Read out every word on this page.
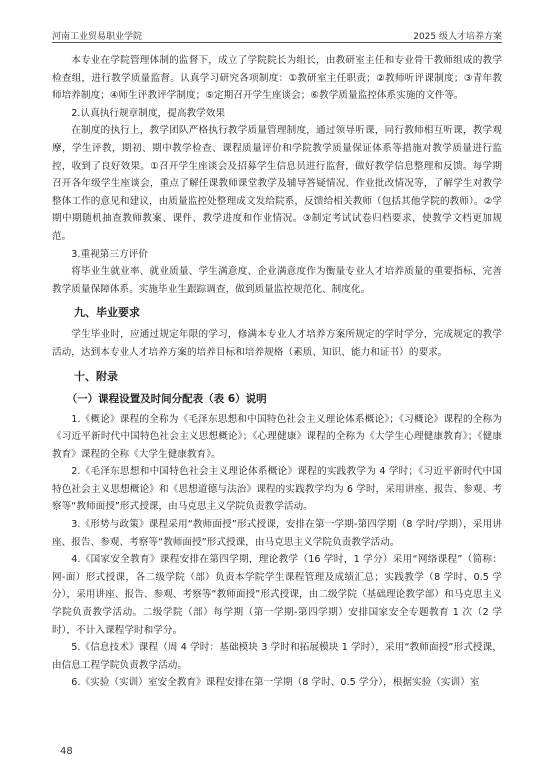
河南工业贸易职业学院	2025 级人才培养方案

本专业在学院管理体制的监督下，成立了学院院长为组长，由教研室主任和专业骨干教师组成的教学检查组，进行教学质量监督。认真学习研究各项制度：①教研室主任职责；②教师听评课制度；③青年教师培养制度；④师生评教评学制度；⑤定期召开学生座谈会；⑥教学质量监控体系实施的文件等。

2.认真执行规章制度，提高教学效果

在制度的执行上，教学团队严格执行教学质量管理制度，通过领导听课，同行教师相互听课，教学观摩，学生评教，期初、期中教学检查、课程质量评价和学院教学质量保证体系等措施对教学质量进行监控，收到了良好效果。①召开学生座谈会及招募学生信息员进行监督，做好教学信息整理和反馈。每学期召开各年级学生座谈会，重点了解任课教师课堂教学及辅导答疑情况、作业批改情况等，了解学生对教学整体工作的意见和建议，由质量监控处整理成文发给院系，反馈给相关教师（包括其他学院的教师）。②学期中期随机抽查教师教案、课件、教学进度和作业情况。③制定考试试卷归档要求，使教学文档更加规范。

3.重视第三方评价

将毕业生就业率、就业质量、学生满意度、企业满意度作为衡量专业人才培养质量的重要指标，完善教学质量保障体系。实施毕业生跟踪调查，做到质量监控规范化、制度化。

九、毕业要求

学生毕业时，应通过规定年限的学习，修满本专业人才培养方案所规定的学时学分，完成规定的教学活动，达到本专业人才培养方案的培养目标和培养规格（素质、知识、能力和证书）的要求。

十、附录
（一）课程设置及时间分配表（表 6）说明

1.《概论》课程的全称为《毛泽东思想和中国特色社会主义理论体系概论》；《习概论》课程的全称为《习近平新时代中国特色社会主义思想概论》；《心理健康》课程的全称为《大学生心理健康教育》；《健康教育》课程的全称《大学生健康教育》。

2.《毛泽东思想和中国特色社会主义理论体系概论》课程的实践教学为 4 学时；《习近平新时代中国特色社会主义思想概论》和《思想道德与法治》课程的实践教学均为 6 学时，采用讲座、报告、参观、考察等“教师面授”形式授课，由马克思主义学院负责教学活动。

3.《形势与政策》课程采用“教师面授”形式授课，安排在第一学期-第四学期（8 学时/学期），采用讲座、报告、参观、考察等“教师面授”形式授课，由马克思主义学院负责教学活动。

4.《国家安全教育》课程安排在第四学期，理论教学（16 学时，1 学分）采用“网络课程”（简称：网-面）形式授课，各二级学院（部）负责本学院学生课程管理及成绩汇总；实践教学（8 学时、0.5 学分），采用讲座、报告、参观、考察等“教师面授”形式授课，由二级学院（基础理论教学部）和马克思主义学院负责教学活动。二级学院（部）每学期（第一学期-第四学期）安排国家安全专题教育 1 次（2 学时），不计入课程学时和学分。

5.《信息技术》课程（周 4 学时：基础模块 3 学时和拓展模块 1 学时），采用“教师面授”形式授课，由信息工程学院负责教学活动。

6.《实验（实训）室安全教育》课程安排在第一学期（8 学时、0.5 学分），根据实验（实训）室

48
